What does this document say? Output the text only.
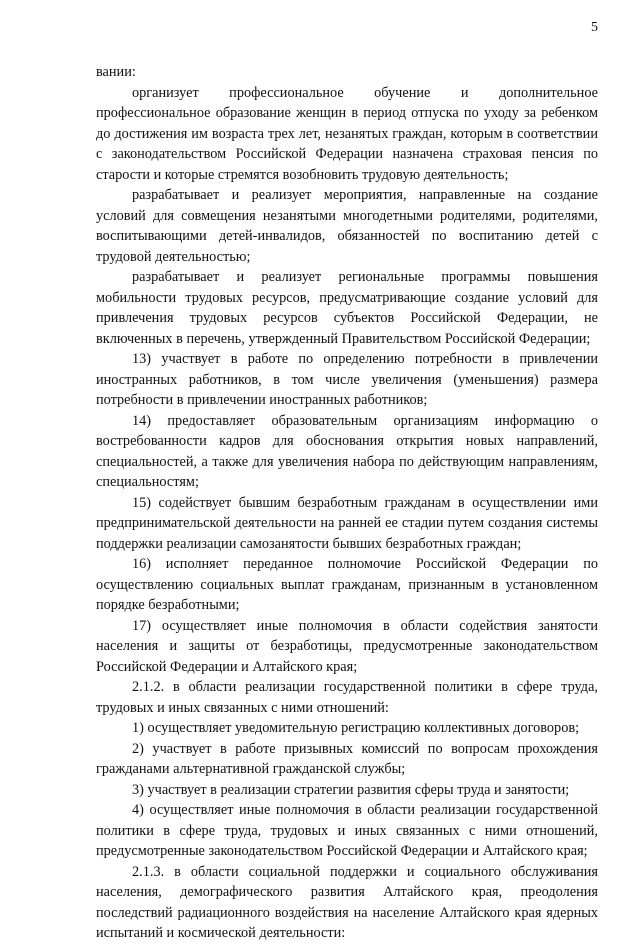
5

вании:

организует профессиональное обучение и дополнительное профессиональное образование женщин в период отпуска по уходу за ребенком до достижения им возраста трех лет, незанятых граждан, которым в соответствии с законодательством Российской Федерации назначена страховая пенсия по старости и которые стремятся возобновить трудовую деятельность;

разрабатывает и реализует мероприятия, направленные на создание условий для совмещения незанятыми многодетными родителями, родителями, воспитывающими детей-инвалидов, обязанностей по воспитанию детей с трудовой деятельностью;

разрабатывает и реализует региональные программы повышения мобильности трудовых ресурсов, предусматривающие создание условий для привлечения трудовых ресурсов субъектов Российской Федерации, не включенных в перечень, утвержденный Правительством Российской Федерации;

13) участвует в работе по определению потребности в привлечении иностранных работников, в том числе увеличения (уменьшения) размера потребности в привлечении иностранных работников;

14) предоставляет образовательным организациям информацию о востребованности кадров для обоснования открытия новых направлений, специальностей, а также для увеличения набора по действующим направлениям, специальностям;

15) содействует бывшим безработным гражданам в осуществлении ими предпринимательской деятельности на ранней ее стадии путем создания системы поддержки реализации самозанятости бывших безработных граждан;

16) исполняет переданное полномочие Российской Федерации по осуществлению социальных выплат гражданам, признанным в установленном порядке безработными;

17) осуществляет иные полномочия в области содействия занятости населения и защиты от безработицы, предусмотренные законодательством Российской Федерации и Алтайского края;

2.1.2. в области реализации государственной политики в сфере труда, трудовых и иных связанных с ними отношений:

1) осуществляет уведомительную регистрацию коллективных договоров;

2) участвует в работе призывных комиссий по вопросам прохождения гражданами альтернативной гражданской службы;

3) участвует в реализации стратегии развития сферы труда и занятости;

4) осуществляет иные полномочия в области реализации государственной политики в сфере труда, трудовых и иных связанных с ними отношений, предусмотренные законодательством Российской Федерации и Алтайского края;

2.1.3. в области социальной поддержки и социального обслуживания населения, демографического развития Алтайского края, преодоления последствий радиационного воздействия на население Алтайского края ядерных испытаний и космической деятельности:
